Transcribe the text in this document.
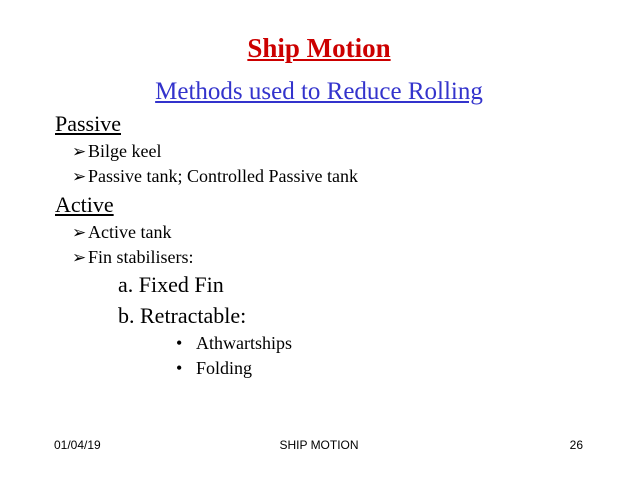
Ship Motion
Methods used to Reduce Rolling
Passive
➢Bilge keel
➢Passive tank; Controlled Passive tank
Active
➢Active tank
➢Fin stabilisers:
a. Fixed Fin
b. Retractable:
• Athwartships
• Folding
01/04/19	SHIP MOTION	26
